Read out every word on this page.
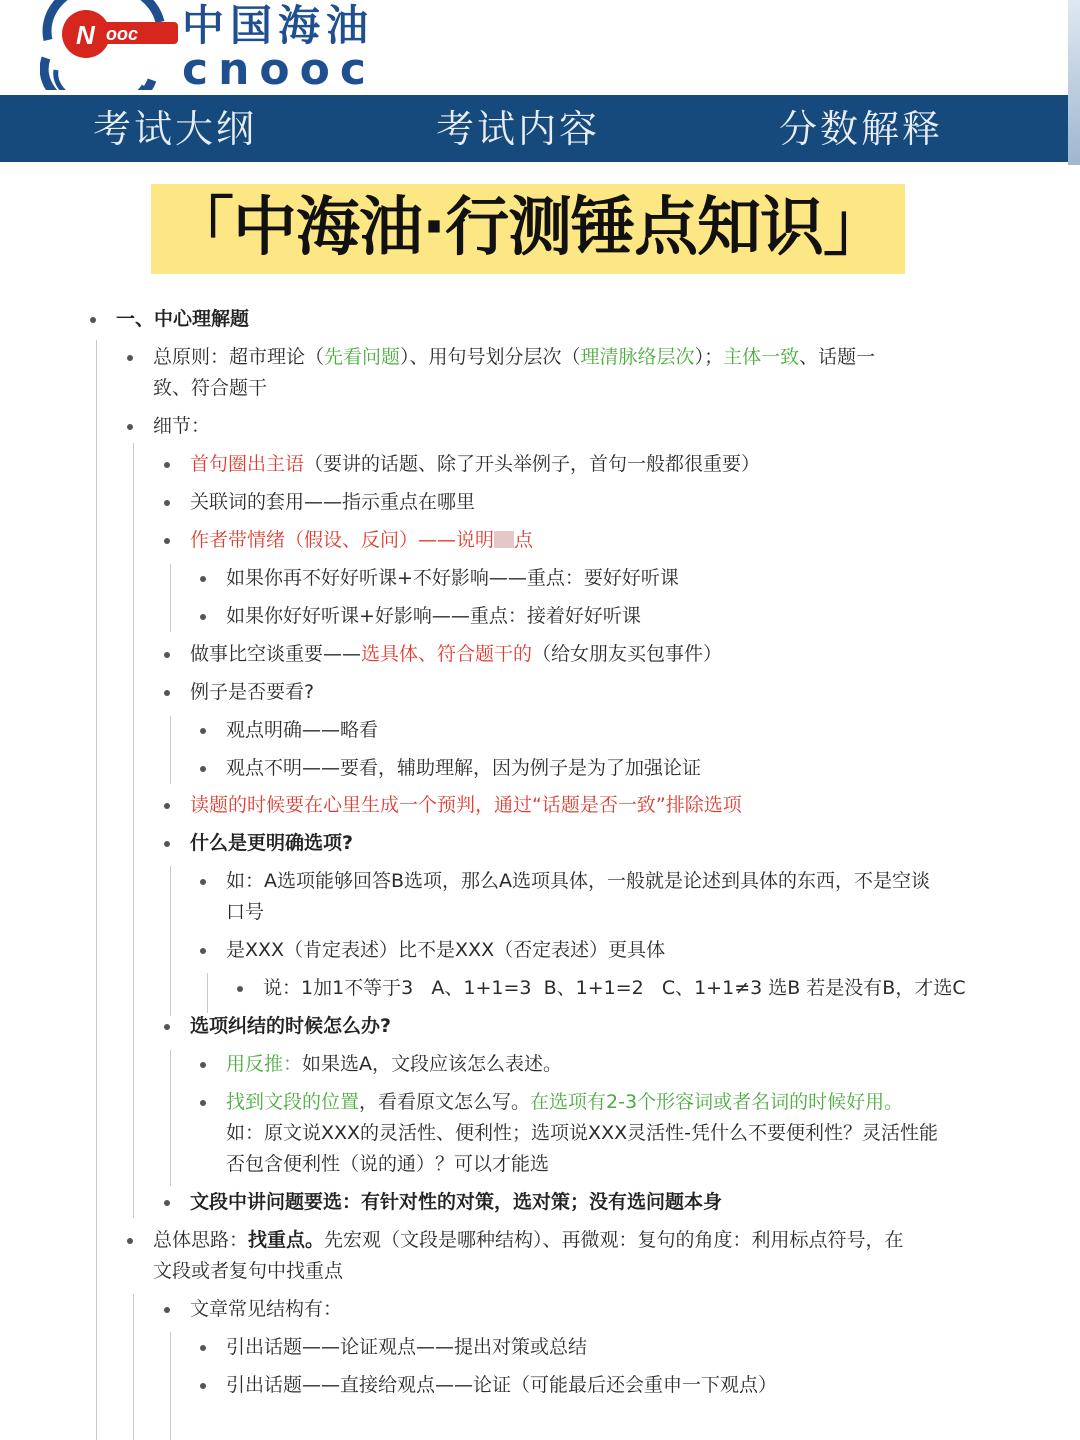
ooc
N 中国海油
cnooc
考试大纲	考试内容	分数解释
「中海油·行测锤点知识」
一、中心理解题
总原则：超市理论（先看问题）、用句号划分层次（理清脉络层次）；主体一致、话题一
致、符合题干
细节：
首句圈出主语（要讲的话题、除了开头举例子，首句一般都很重要）
关联词的套用——指示重点在哪里
作者带情绪（假设、反问）——说明 点
如果你再不好好听课+不好影响——重点：要好好听课
如果你好好听课+好影响——重点：接着好好听课
做事比空谈重要——选具体、符合题干的（给女朋友买包事件）
例子是否要看?
观点明确——略看
观点不明——要看，辅助理解，因为例子是为了加强论证
读题的时候要在心里生成一个预判，通过“话题是否一致”排除选项
什么是更明确选项?
如：A选项能够回答B选项，那么A选项具体，一般就是论述到具体的东西，不是空谈
口号
是XXX（肯定表述）比不是XXX（否定表述）更具体
说：1加1不等于3   A、1+1=3  B、1+1=2   C、1+1≠3 选B 若是没有B，才选C
选项纠结的时候怎么办?
用反推：如果选A，文段应该怎么表述。
找到文段的位置，看看原文怎么写。在选项有2-3个形容词或者名词的时候好用。
如：原文说XXX的灵活性、便利性；选项说XXX灵活性-凭什么不要便利性？灵活性能
否包含便利性（说的通）？可以才能选
文段中讲问题要选：有针对性的对策，选对策；没有选问题本身
总体思路：找重点。先宏观（文段是哪种结构）、再微观：复句的角度：利用标点符号，在
文段或者复句中找重点
文章常见结构有：
引出话题——论证观点——提出对策或总结
引出话题——直接给观点——论证（可能最后还会重申一下观点）
